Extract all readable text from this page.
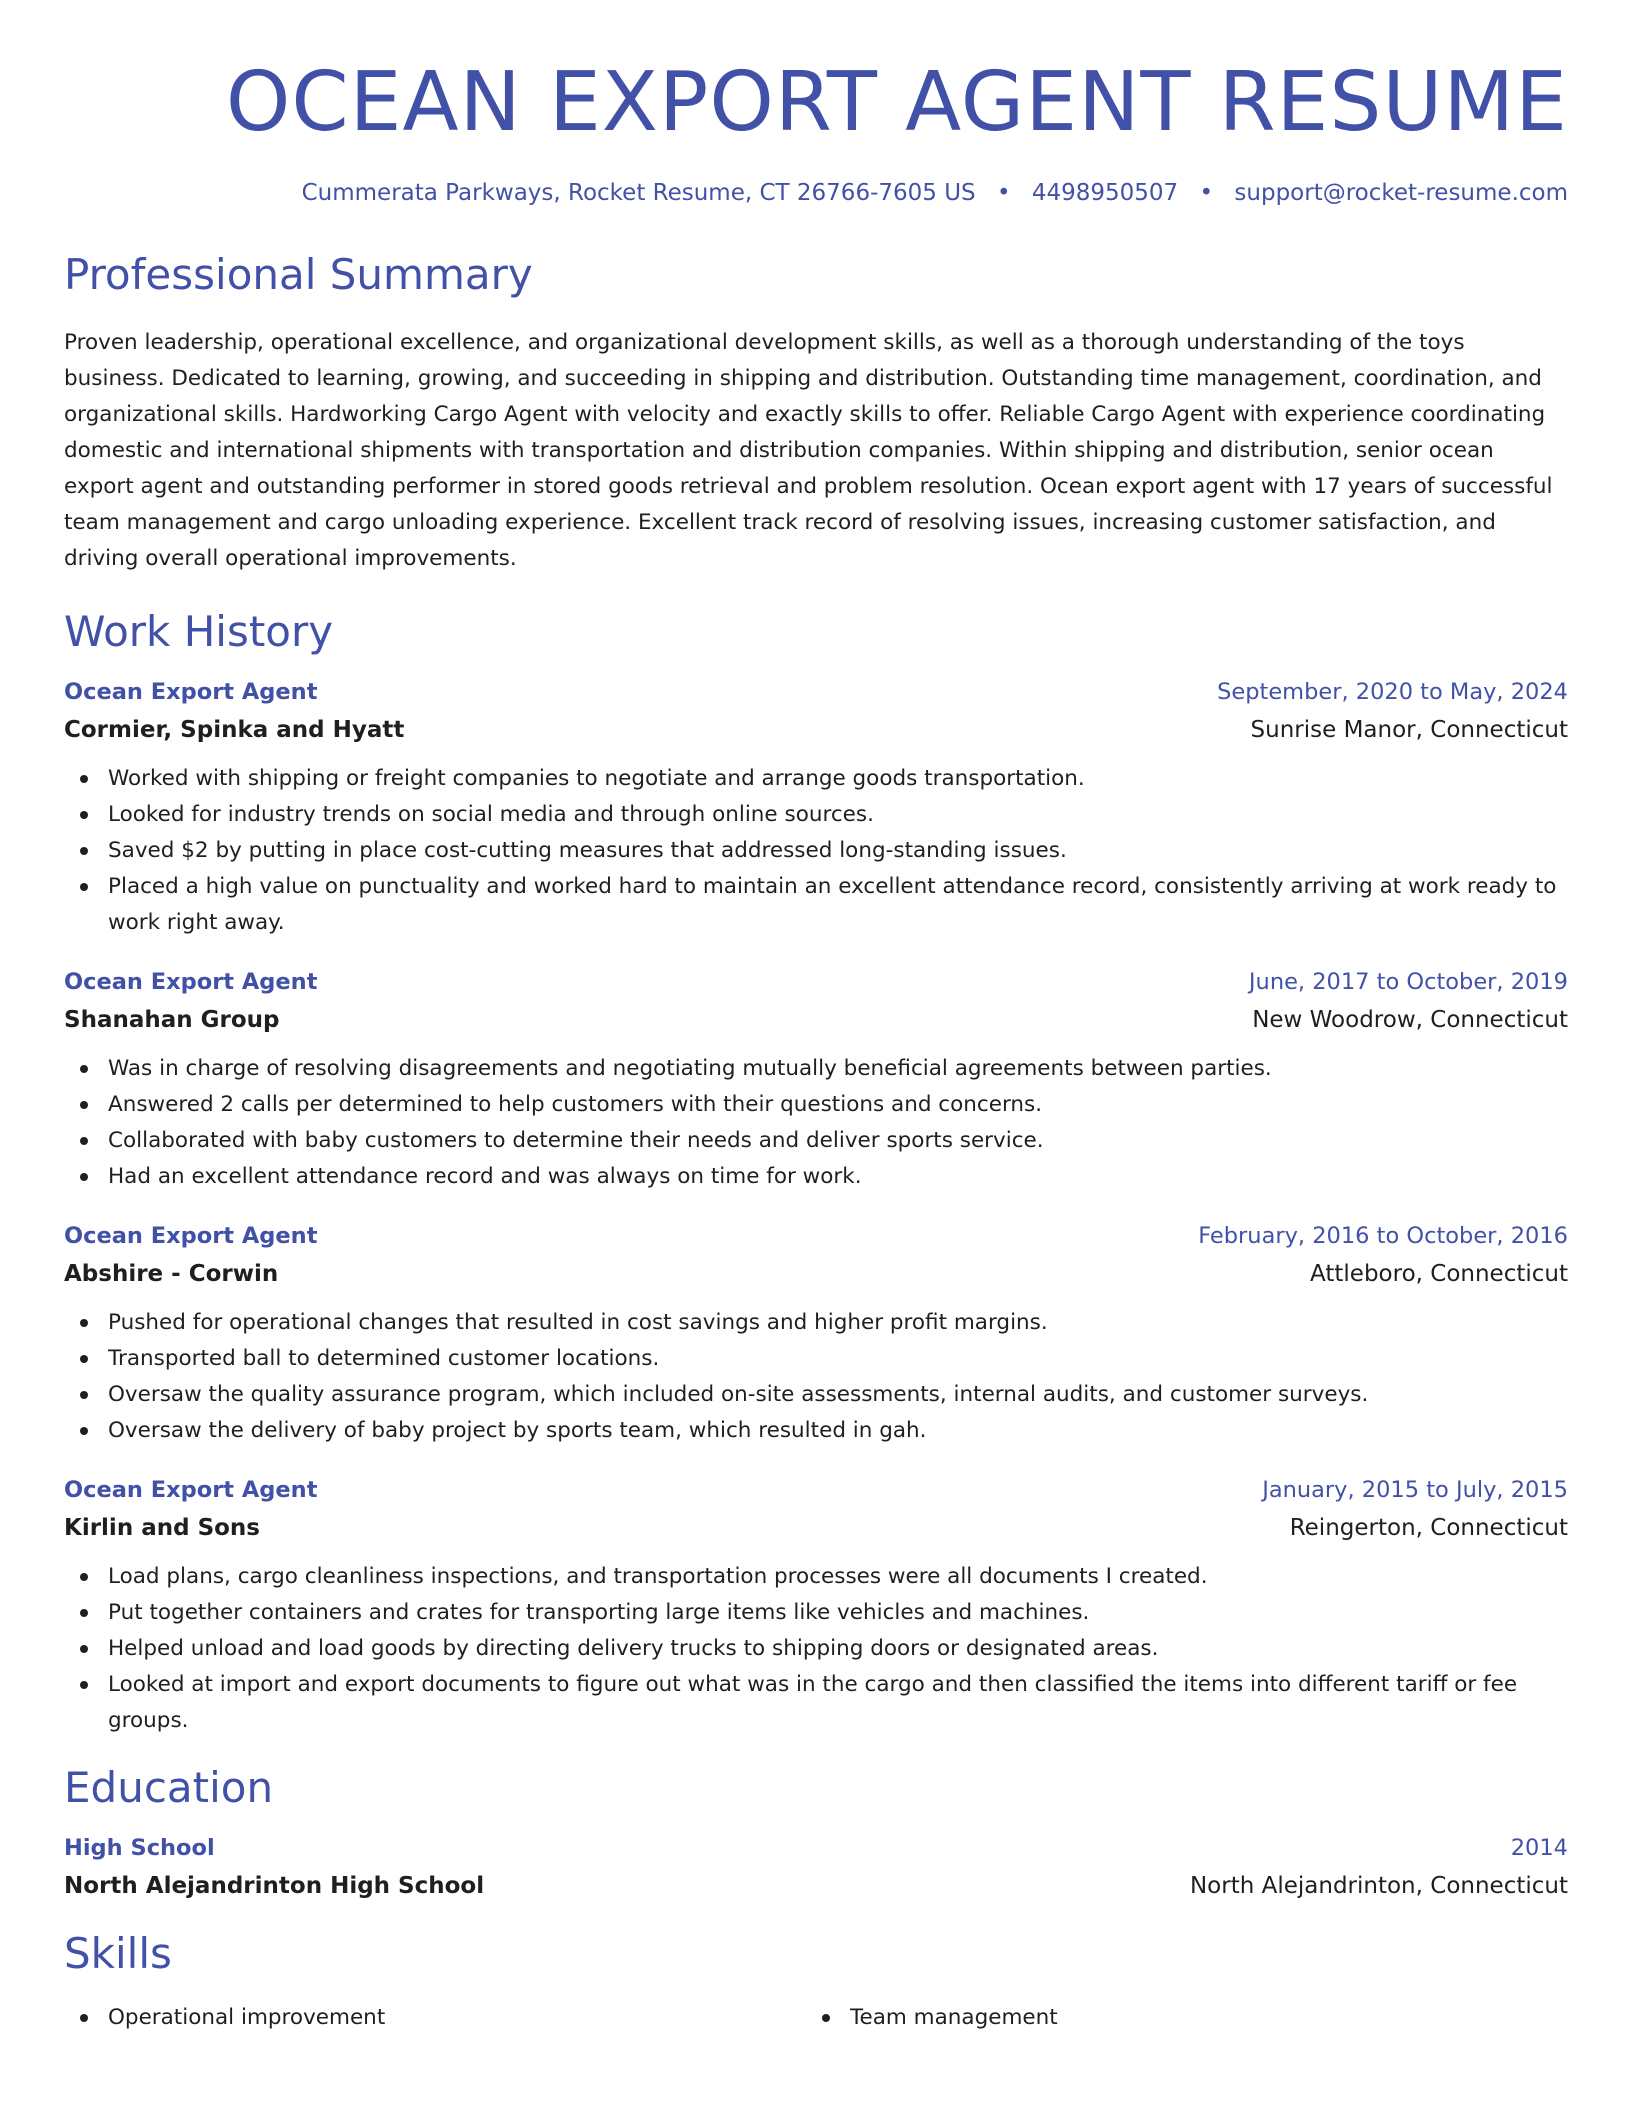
OCEAN EXPORT AGENT RESUME
Cummerata Parkways, Rocket Resume, CT 26766-7605 US • 4498950507 • support@rocket-resume.com
Professional Summary

Proven leadership, operational excellence, and organizational development skills, as well as a thorough understanding of the toys business. Dedicated to learning, growing, and succeeding in shipping and distribution. Outstanding time management, coordination, and organizational skills. Hardworking Cargo Agent with velocity and exactly skills to offer. Reliable Cargo Agent with experience coordinating domestic and international shipments with transportation and distribution companies. Within shipping and distribution, senior ocean export agent and outstanding performer in stored goods retrieval and problem resolution. Ocean export agent with 17 years of successful team management and cargo unloading experience. Excellent track record of resolving issues, increasing customer satisfaction, and driving overall operational improvements.

Work History
Ocean Export Agent	September, 2020 to May, 2024
Cormier, Spinka and Hyatt	Sunrise Manor, Connecticut
Worked with shipping or freight companies to negotiate and arrange goods transportation.
Looked for industry trends on social media and through online sources.
Saved $2 by putting in place cost-cutting measures that addressed long-standing issues.
Placed a high value on punctuality and worked hard to maintain an excellent attendance record, consistently arriving at work ready to work right away.
Ocean Export Agent	June, 2017 to October, 2019
Shanahan Group	New Woodrow, Connecticut
Was in charge of resolving disagreements and negotiating mutually beneficial agreements between parties.
Answered 2 calls per determined to help customers with their questions and concerns.
Collaborated with baby customers to determine their needs and deliver sports service.
Had an excellent attendance record and was always on time for work.
Ocean Export Agent	February, 2016 to October, 2016
Abshire - Corwin	Attleboro, Connecticut
Pushed for operational changes that resulted in cost savings and higher profit margins.
Transported ball to determined customer locations.
Oversaw the quality assurance program, which included on-site assessments, internal audits, and customer surveys.
Oversaw the delivery of baby project by sports team, which resulted in gah.
Ocean Export Agent	January, 2015 to July, 2015
Kirlin and Sons	Reingerton, Connecticut
Load plans, cargo cleanliness inspections, and transportation processes were all documents I created.
Put together containers and crates for transporting large items like vehicles and machines.
Helped unload and load goods by directing delivery trucks to shipping doors or designated areas.
Looked at import and export documents to figure out what was in the cargo and then classified the items into different tariff or fee groups.
Education
High School	2014
North Alejandrinton High School	North Alejandrinton, Connecticut
Skills
Operational improvement	Team management
